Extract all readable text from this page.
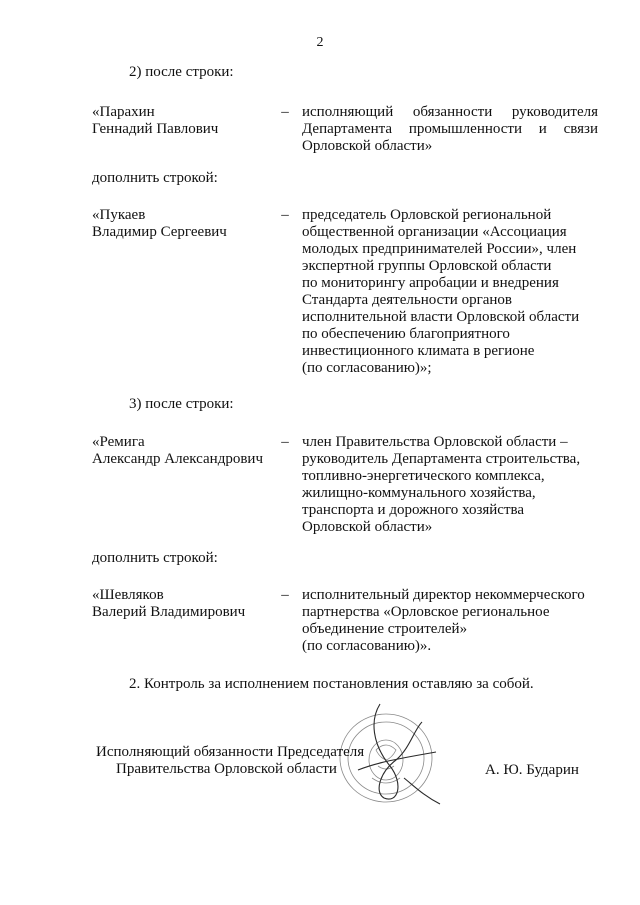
2
2) после строки:
«Парахин
Геннадий Павлович
– исполняющий обязанности руководителя
Департамента промышленности и связи
Орловской области»
дополнить строкой:
«Пукаев
Владимир Сергеевич
– председатель Орловской региональной
общественной организации «Ассоциация
молодых предпринимателей России», член
экспертной группы Орловской области
по мониторингу апробации и внедрения
Стандарта деятельности органов
исполнительной власти Орловской области
по обеспечению благоприятного
инвестиционного климата в регионе
(по согласованию)»;
3) после строки:
«Ремига
Александр Александрович
– член Правительства Орловской области –
руководитель Департамента строительства,
топливно-энергетического комплекса,
жилищно-коммунального хозяйства,
транспорта и дорожного хозяйства
Орловской области»
дополнить строкой:
«Шевляков
Валерий Владимирович
– исполнительный директор некоммерческого
партнерства «Орловское региональное
объединение строителей»
(по согласованию)».
2. Контроль за исполнением постановления оставляю за собой.
Исполняющий обязанности Председателя
Правительства Орловской области	А. Ю. Бударин
